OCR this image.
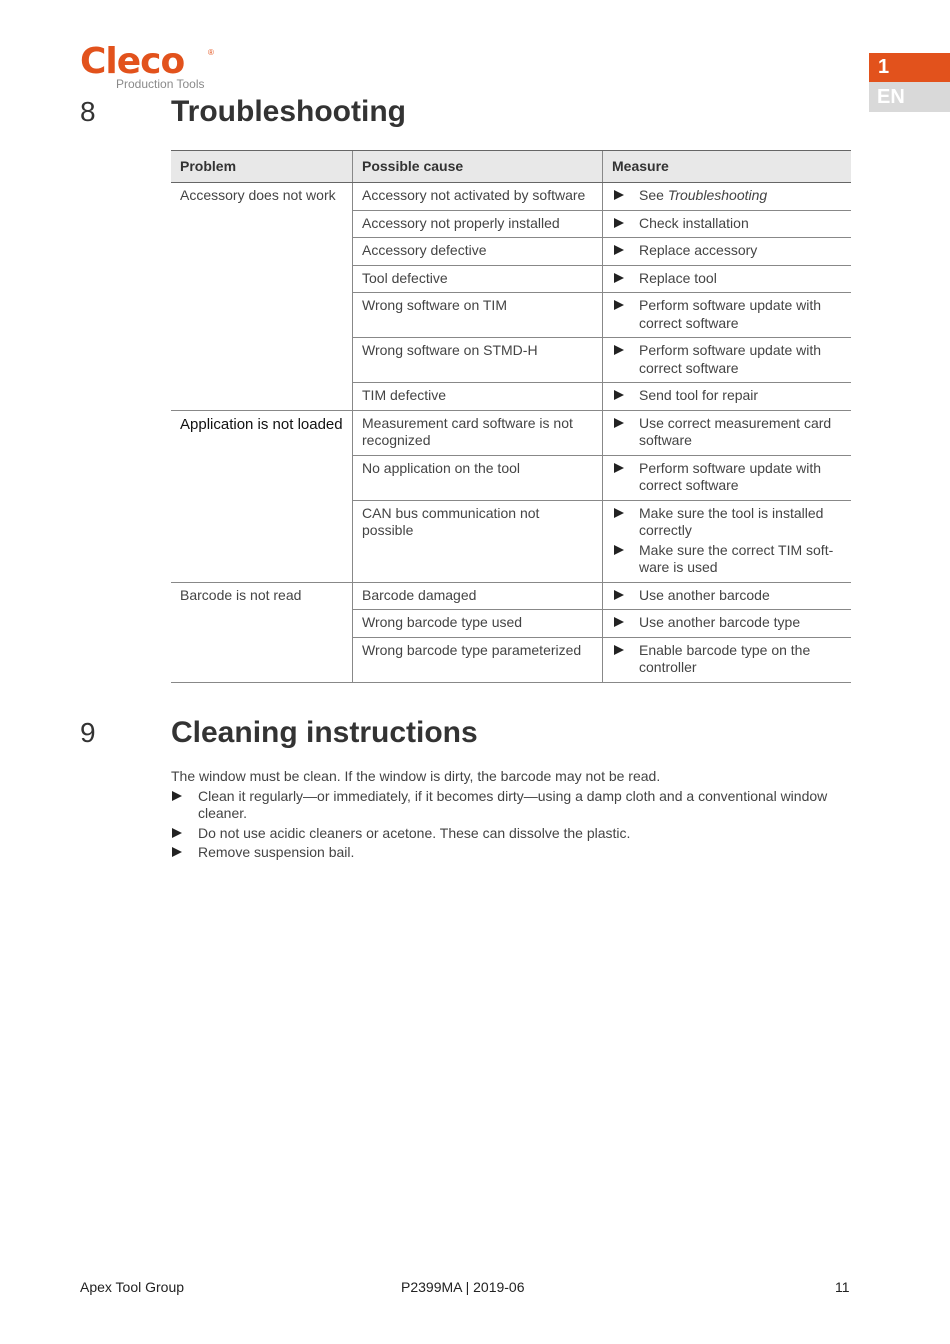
Cleco	®
Production Tools
1
EN
8	Troubleshooting
Problem	Possible cause	Measure
Accessory does not work	Accessory not activated by software	See Troubleshooting

	Accessory not properly installed	Check installation

	Accessory defective	Replace accessory

	Tool defective	Replace tool

	Wrong software on TIM	Perform software update with correct software

	Wrong software on STMD-H	Perform software update with correct software

	TIM defective	Send tool for repair

Application is not loaded	Measurement card software is not recognized	Use correct measurement card software

	No application on the tool	Perform software update with correct software

	CAN bus communication not possible	Make sure the tool is installed correctly
Make sure the correct TIM soft-ware is used

Barcode is not read	Barcode damaged	Use another barcode

	Wrong barcode type used	Use another barcode type

	Wrong barcode type parameterized	Enable barcode type on the controller
9	Cleaning instructions

The window must be clean. If the window is dirty, the barcode may not be read.

Clean it regularly—or immediately, if it becomes dirty—using a damp cloth and a conventional window cleaner.
Do not use acidic cleaners or acetone. These can dissolve the plastic.
Remove suspension bail.
Apex Tool Group	P2399MA | 2019-06	11
